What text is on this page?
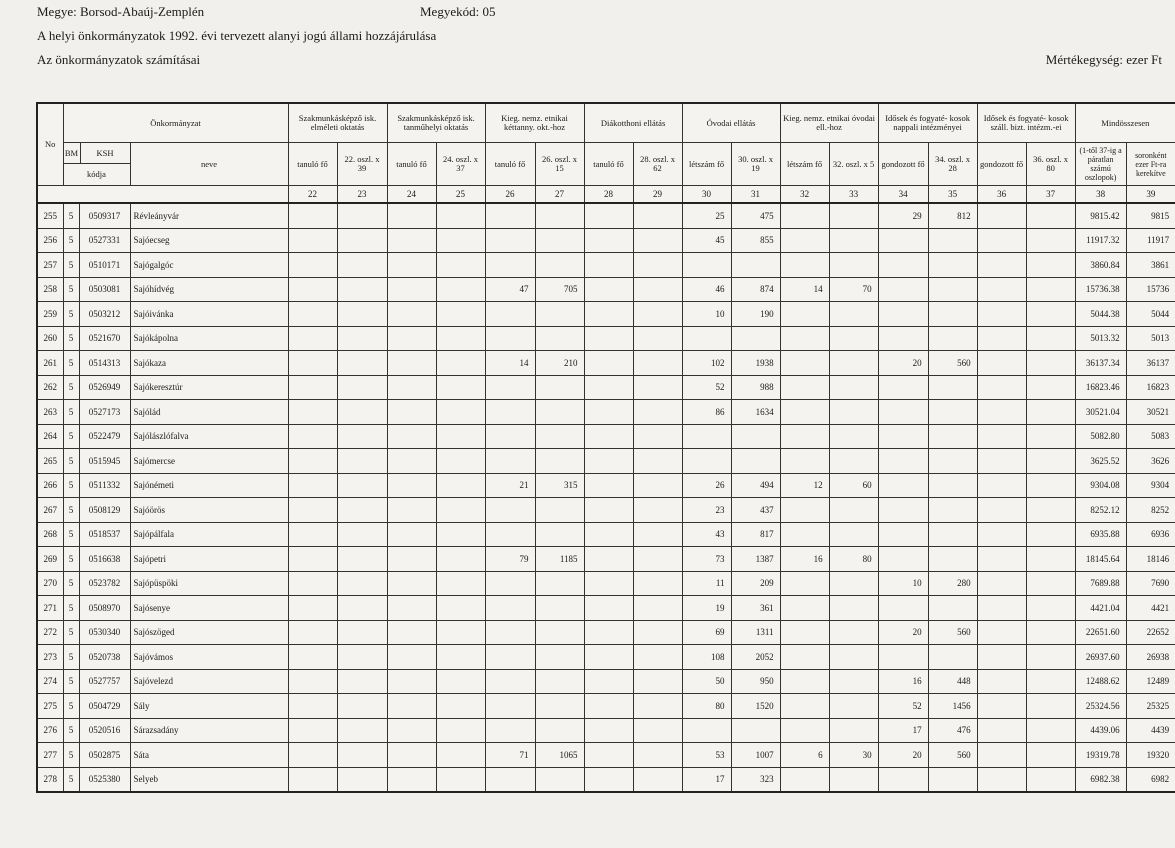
Megye: Borsod-Abaúj-Zemplén	Megyekód: 05
A helyi önkormányzatok 1992. évi tervezett alanyi jogú állami hozzájárulása
Az önkormányzatok számításai	Mértékegység: ezer Ft
No	Önkormányzat			Szakmunkásképző isk. elméleti oktatás		Szakmunkásképző isk. tanműhelyi oktatás		Kieg. nemz. etnikai kéttanny. okt.-hoz		Diákotthoni ellátás		Óvodai ellátás		Kieg. nemz. etnikai óvodai ell.-hoz		Idősek és fogyaté- kosok nappali intézményei		Idősek és fogyaté- kosok száll. bizt. intézm.-ei		Mindösszesen	

BM KSH
kódja		neve	tanuló fő	22. oszl. x 39	tanuló fő	24. oszl. x 37	tanuló fő	26. oszl. x 15	tanuló fő	28. oszl. x 62	létszám fő	30. oszl. x 19	létszám fő	32. oszl. x 5	gondozott fő	34. oszl. x 28	gondozott fő	36. oszl. x 80	(1-től 37-ig a páratlan számú oszlopok)	soronként ezer Ft-ra kerekítve
				22	23	24	25	26	27	28	29	30	31	32	33	34	35	36	37	38	39
255	5	0509317	Révleányvár									25	475			29	812			9815.42	9815
256	5	0527331	Sajóecseg									45	855							11917.32	11917
257	5	0510171	Sajógalgóc																	3860.84	3861
258	5	0503081	Sajóhídvég					47	705			46	874	14	70					15736.38	15736
259	5	0503212	Sajóivánka									10	190							5044.38	5044
260	5	0521670	Sajókápolna																	5013.32	5013
261	5	0514313	Sajókaza					14	210			102	1938			20	560			36137.34	36137
262	5	0526949	Sajókeresztúr									52	988							16823.46	16823
263	5	0527173	Sajólád									86	1634							30521.04	30521
264	5	0522479	Sajólászlófalva																	5082.80	5083
265	5	0515945	Sajómercse																	3625.52	3626
266	5	0511332	Sajónémeti					21	315			26	494	12	60					9304.08	9304
267	5	0508129	Sajóörös									23	437							8252.12	8252
268	5	0518537	Sajópálfala									43	817							6935.88	6936
269	5	0516638	Sajópetri					79	1185			73	1387	16	80					18145.64	18146
270	5	0523782	Sajópüspöki									11	209			10	280			7689.88	7690
271	5	0508970	Sajósenye									19	361							4421.04	4421
272	5	0530340	Sajószöged									69	1311			20	560			22651.60	22652
273	5	0520738	Sajóvámos									108	2052							26937.60	26938
274	5	0527757	Sajóvelezd									50	950			16	448			12488.62	12489
275	5	0504729	Sály									80	1520			52	1456			25324.56	25325
276	5	0520516	Sárazsadány													17	476			4439.06	4439
277	5	0502875	Sáta					71	1065			53	1007	6	30	20	560			19319.78	19320
278	5	0525380	Selyeb									17	323							6982.38	6982
